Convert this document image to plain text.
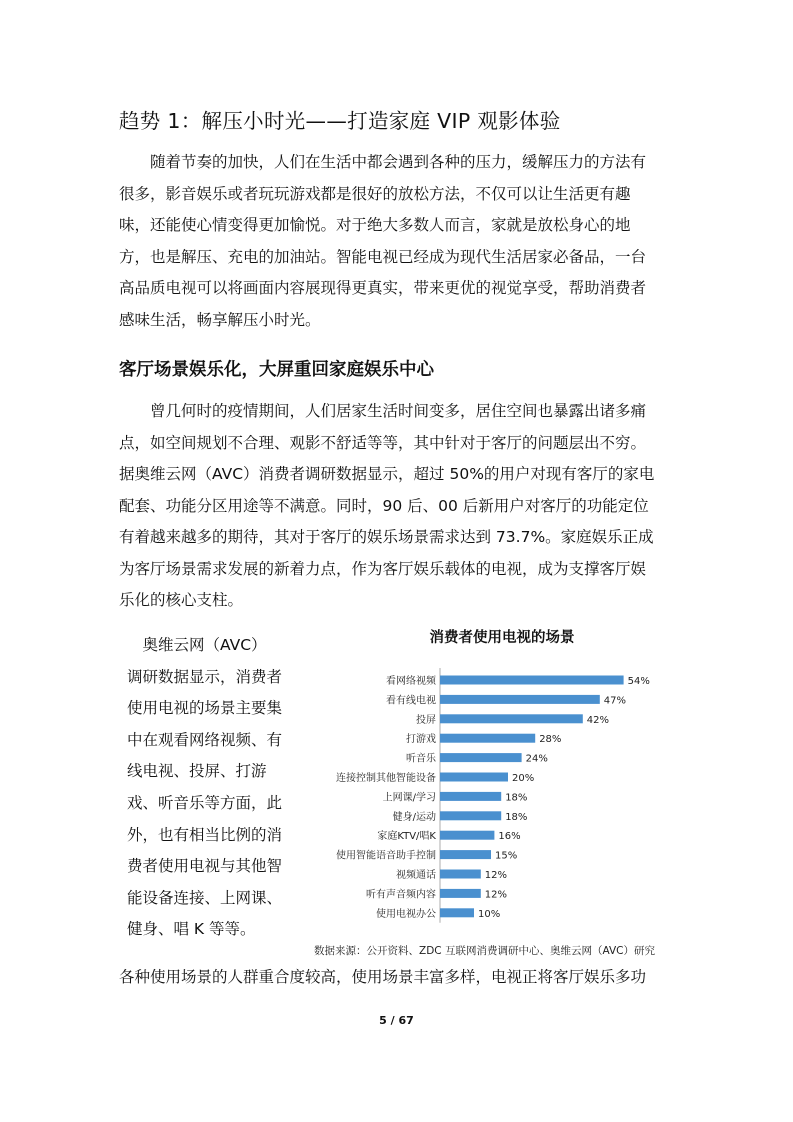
趋势 1：解压小时光——打造家庭 VIP 观影体验

　　随着节奏的加快，人们在生活中都会遇到各种的压力，缓解压力的方法有
很多，影音娱乐或者玩玩游戏都是很好的放松方法，不仅可以让生活更有趣
味，还能使心情变得更加愉悦。对于绝大多数人而言，家就是放松身心的地
方，也是解压、充电的加油站。智能电视已经成为现代生活居家必备品，一台
高品质电视可以将画面内容展现得更真实，带来更优的视觉享受，帮助消费者
感味生活，畅享解压小时光。

客厅场景娱乐化，大屏重回家庭娱乐中心

　　曾几何时的疫情期间，人们居家生活时间变多，居住空间也暴露出诸多痛
点，如空间规划不合理、观影不舒适等等，其中针对于客厅的问题层出不穷。
据奥维云网（AVC）消费者调研数据显示，超过 50%的用户对现有客厅的家电
配套、功能分区用途等不满意。同时，90 后、00 后新用户对客厅的功能定位
有着越来越多的期待，其对于客厅的娱乐场景需求达到 73.7%。家庭娱乐正成
为客厅场景需求发展的新着力点，作为客厅娱乐载体的电视，成为支撑客厅娱
乐化的核心支柱。

　奥维云网（AVC）
调研数据显示，消费者
使用电视的场景主要集
中在观看网络视频、有
线电视、投屏、打游
戏、听音乐等方面，此
外，也有相当比例的消
费者使用电视与其他智
能设备连接、上网课、
健身、唱 K 等等。
消费者使用电视的场景
看网络视频	54%
看有线电视	47%
投屏	42%
打游戏	28%
听音乐	24%
连接控制其他智能设备	20%
上网课/学习	18%
健身/运动	18%
家庭KTV/唱K	16%
使用智能语音助手控制	15%
视频通话	12%
听有声音频内容	12%
使用电视办公	10%
数据来源：公开资料、ZDC 互联网消费调研中心、奥维云网（AVC）研究
各种使用场景的人群重合度较高，使用场景丰富多样，电视正将客厅娱乐多功
5 / 67
